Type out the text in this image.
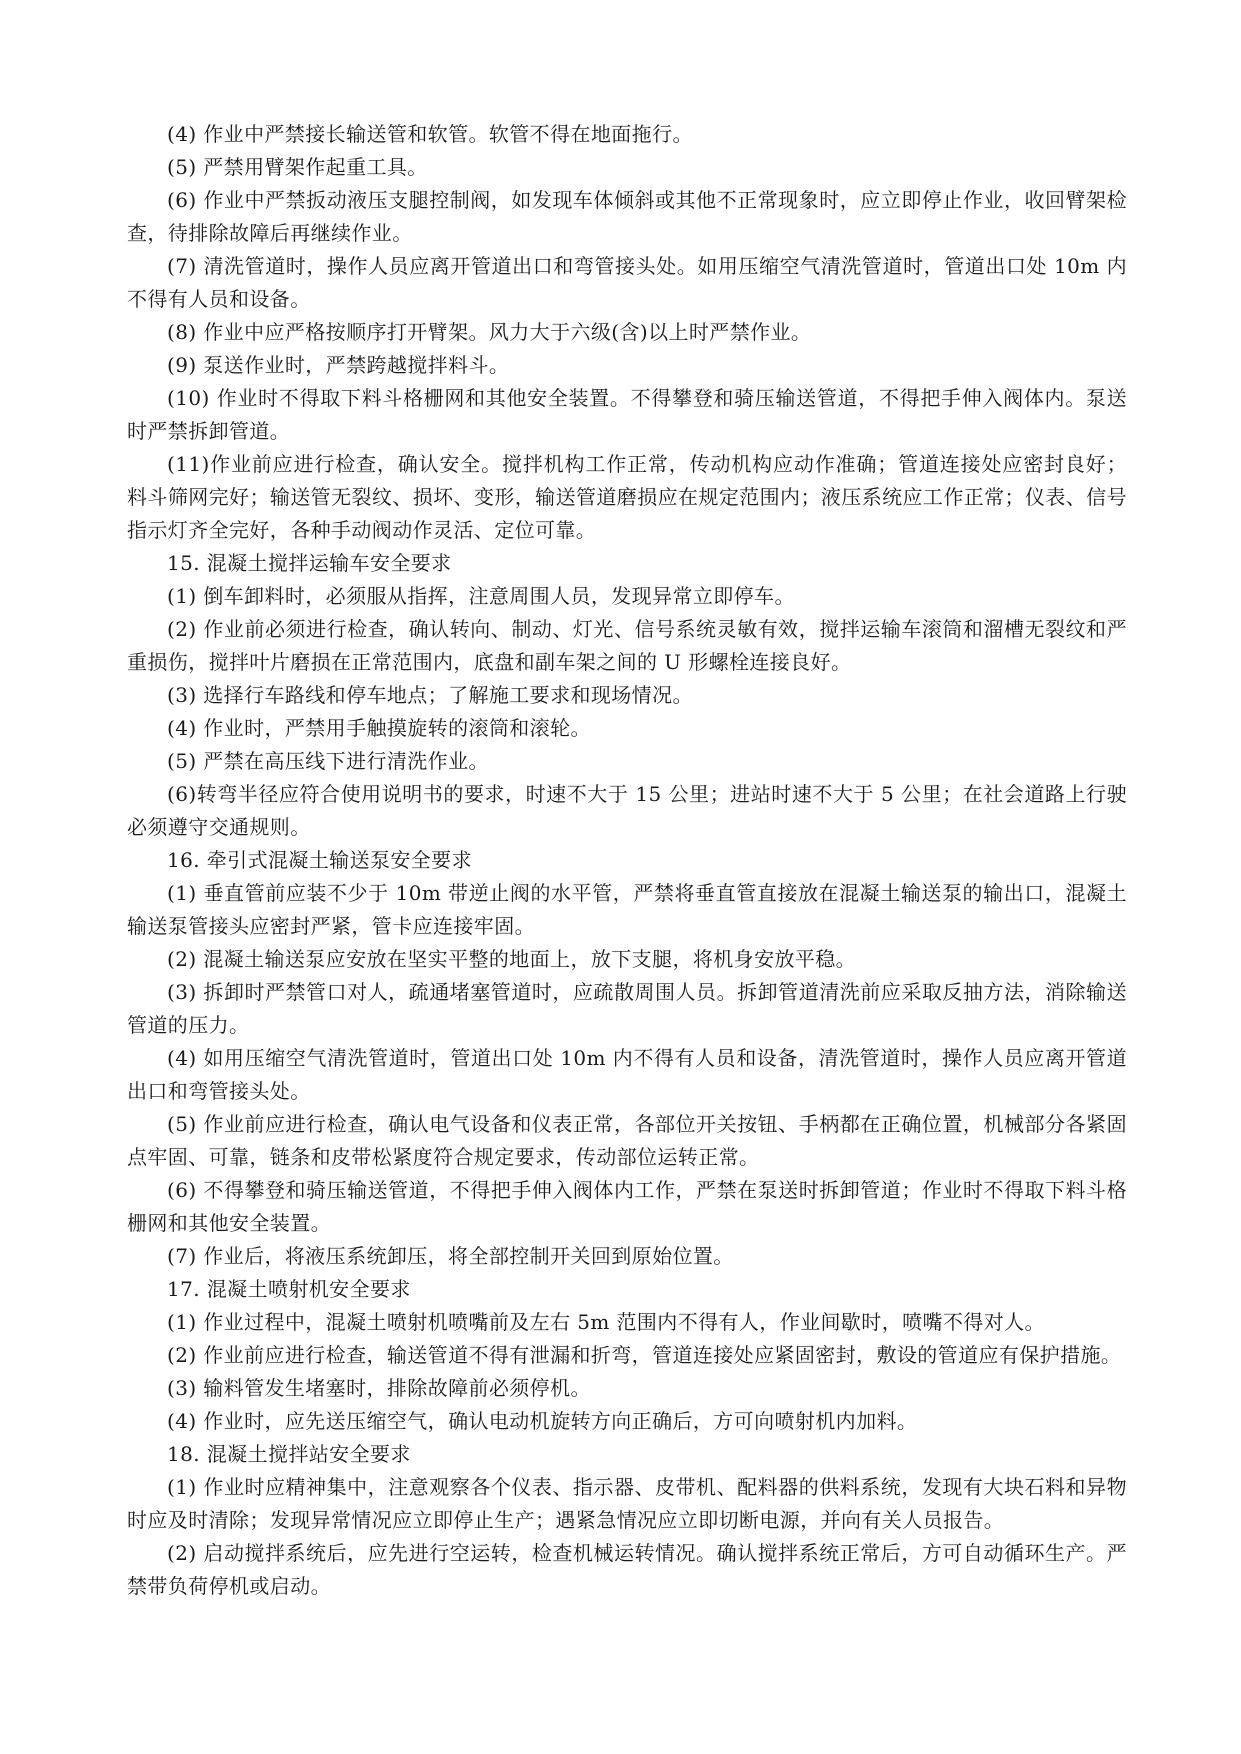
(4) 作业中严禁接长输送管和软管。软管不得在地面拖行。

(5) 严禁用臂架作起重工具。

(6) 作业中严禁扳动液压支腿控制阀，如发现车体倾斜或其他不正常现象时，应立即停止作业，收回臂架检查，待排除故障后再继续作业。

(7) 清洗管道时，操作人员应离开管道出口和弯管接头处。如用压缩空气清洗管道时，管道出口处 10m 内不得有人员和设备。

(8) 作业中应严格按顺序打开臂架。风力大于六级(含)以上时严禁作业。

(9) 泵送作业时，严禁跨越搅拌料斗。

(10) 作业时不得取下料斗格栅网和其他安全装置。不得攀登和骑压输送管道，不得把手伸入阀体内。泵送时严禁拆卸管道。

(11)作业前应进行检查，确认安全。搅拌机构工作正常，传动机构应动作准确；管道连接处应密封良好；料斗筛网完好；输送管无裂纹、损坏、变形，输送管道磨损应在规定范围内；液压系统应工作正常；仪表、信号指示灯齐全完好，各种手动阀动作灵活、定位可靠。

15. 混凝土搅拌运输车安全要求

(1) 倒车卸料时，必须服从指挥，注意周围人员，发现异常立即停车。

(2) 作业前必须进行检查，确认转向、制动、灯光、信号系统灵敏有效，搅拌运输车滚筒和溜槽无裂纹和严重损伤，搅拌叶片磨损在正常范围内，底盘和副车架之间的 U 形螺栓连接良好。

(3) 选择行车路线和停车地点；了解施工要求和现场情况。

(4) 作业时，严禁用手触摸旋转的滚筒和滚轮。

(5) 严禁在高压线下进行清洗作业。

(6)转弯半径应符合使用说明书的要求，时速不大于 15 公里；进站时速不大于 5 公里；在社会道路上行驶必须遵守交通规则。

16. 牵引式混凝土输送泵安全要求

(1) 垂直管前应装不少于 10m 带逆止阀的水平管，严禁将垂直管直接放在混凝土输送泵的输出口，混凝土输送泵管接头应密封严紧，管卡应连接牢固。

(2) 混凝土输送泵应安放在坚实平整的地面上，放下支腿，将机身安放平稳。

(3) 拆卸时严禁管口对人，疏通堵塞管道时，应疏散周围人员。拆卸管道清洗前应采取反抽方法，消除输送管道的压力。

(4) 如用压缩空气清洗管道时，管道出口处 10m 内不得有人员和设备，清洗管道时，操作人员应离开管道出口和弯管接头处。

(5) 作业前应进行检查，确认电气设备和仪表正常，各部位开关按钮、手柄都在正确位置，机械部分各紧固点牢固、可靠，链条和皮带松紧度符合规定要求，传动部位运转正常。

(6) 不得攀登和骑压输送管道，不得把手伸入阀体内工作，严禁在泵送时拆卸管道；作业时不得取下料斗格栅网和其他安全装置。

(7) 作业后，将液压系统卸压，将全部控制开关回到原始位置。

17. 混凝土喷射机安全要求

(1) 作业过程中，混凝土喷射机喷嘴前及左右 5m 范围内不得有人，作业间歇时，喷嘴不得对人。

(2) 作业前应进行检查，输送管道不得有泄漏和折弯，管道连接处应紧固密封，敷设的管道应有保护措施。

(3) 输料管发生堵塞时，排除故障前必须停机。

(4) 作业时，应先送压缩空气，确认电动机旋转方向正确后，方可向喷射机内加料。

18. 混凝土搅拌站安全要求

(1) 作业时应精神集中，注意观察各个仪表、指示器、皮带机、配料器的供料系统，发现有大块石料和异物时应及时清除；发现异常情况应立即停止生产；遇紧急情况应立即切断电源，并向有关人员报告。

(2) 启动搅拌系统后，应先进行空运转，检查机械运转情况。确认搅拌系统正常后，方可自动循环生产。严禁带负荷停机或启动。
